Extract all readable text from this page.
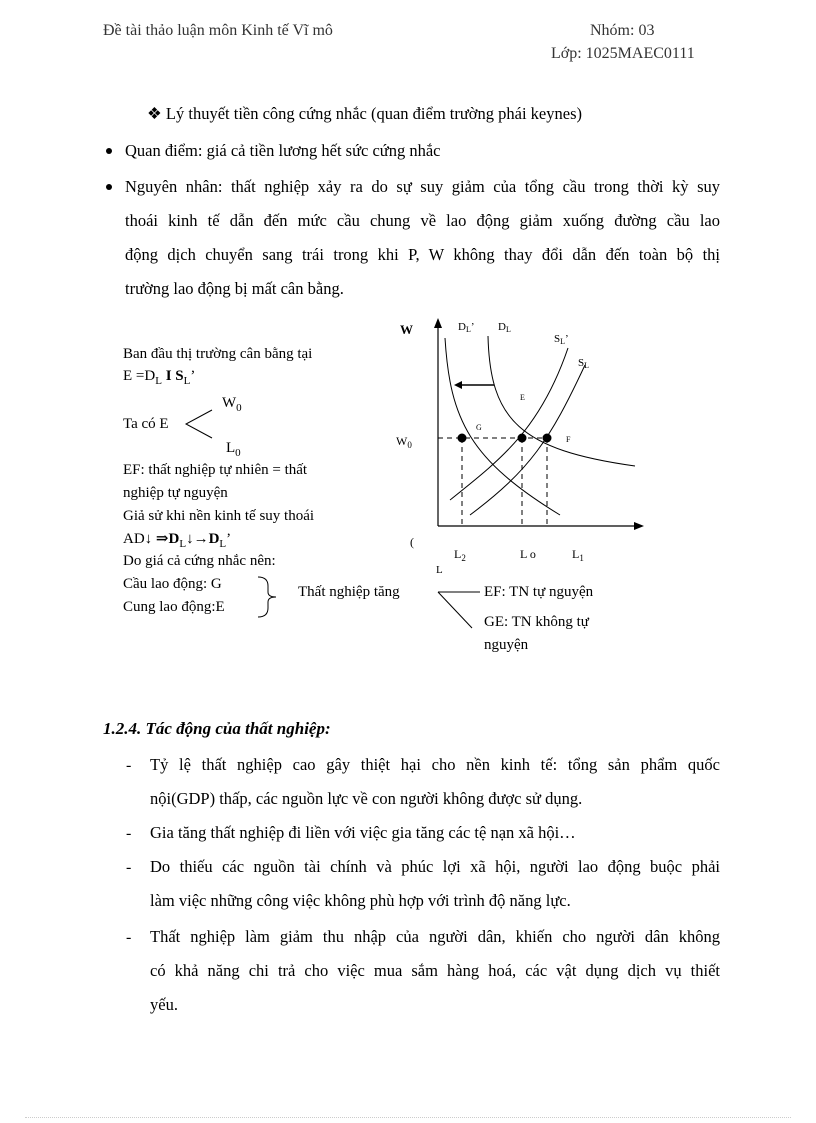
Đề tài thảo luận môn Kinh tế Vĩ mô	Nhóm: 03
Lớp: 1025MAEC0111
❖ Lý thuyết tiền công cứng nhắc (quan điểm trường phái keynes)
Quan điểm: giá cả tiền lương hết sức cứng nhắc
Nguyên nhân: thất nghiệp xảy ra do sự suy giảm của tổng cầu trong thời kỳ suy
thoái kinh tế dẫn đến mức cầu chung về lao động giảm xuống đường cầu lao
động dịch chuyển sang trái trong khi P, W không thay đổi dẫn đến toàn bộ thị
trường lao động bị mất cân bằng.
Ban đầu thị trường cân bằng tại
$E =D_L$ I $S_L$’
$W_0$
Ta có E
$L_0$
EF: thất nghiệp tự nhiên = thất
nghiệp tự nguyện
Giả sử khi nền kinh tế suy thoái
AD↓ $\Rightarrow D_L↓\to D_L$’
Do giá cả cứng nhắc nên:
Cầu lao động: G
Cung lao động:E
Thất nghiệp tăng	EF: TN tự nguyện
GE: TN không tự
nguyện
W
L
(
DL’ DL
SL’
SL
E
G
F
$W_0$
$L_2$	L o	$L_1$
1.2.4. Tác động của thất nghiệp:
- Tỷ lệ thất nghiệp cao gây thiệt hại cho nền kinh tế: tổng sản phẩm quốc
nội(GDP) thấp, các nguồn lực về con người không được sử dụng.
- Gia tăng thất nghiệp đi liền với việc gia tăng các tệ nạn xã hội…
- Do thiếu các nguồn tài chính và phúc lợi xã hội, người lao động buộc phải
làm việc những công việc không phù hợp với trình độ năng lực.
- Thất nghiệp làm giảm thu nhập của người dân, khiến cho người dân không
có khả năng chi trả cho việc mua sắm hàng hoá, các vật dụng dịch vụ thiết
yếu.
